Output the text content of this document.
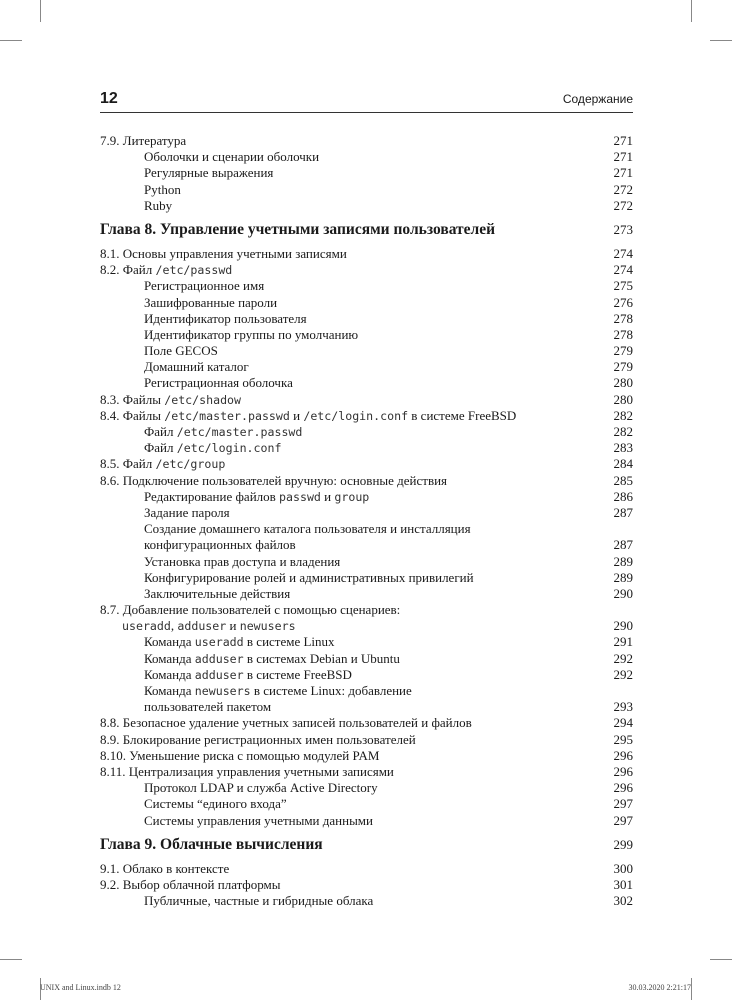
12	Содержание
7.9. Литература	271
Оболочки и сценарии оболочки	271
Регулярные выражения	271
Python	272
Ruby	272
Глава 8. Управление учетными записями пользователей	273
8.1. Основы управления учетными записями	274
8.2. Файл /etc/passwd	274
Регистрационное имя	275
Зашифрованные пароли	276
Идентификатор пользователя	278
Идентификатор группы по умолчанию	278
Поле GECOS	279
Домашний каталог	279
Регистрационная оболочка	280
8.3. Файлы /etc/shadow	280
8.4. Файлы /etc/master.passwd и /etc/login.conf в системе FreeBSD	282
Файл /etc/master.passwd	282
Файл /etc/login.conf	283
8.5. Файл /etc/group	284
8.6. Подключение пользователей вручную: основные действия	285
Редактирование файлов passwd и group	286
Задание пароля	287
Создание домашнего каталога пользователя и инсталляция
конфигурационных файлов	287
Установка прав доступа и владения	289
Конфигурирование ролей и административных привилегий	289
Заключительные действия	290
8.7. Добавление пользователей с помощью сценариев:
useradd, adduser и newusers	290
Команда useradd в системе Linux	291
Команда adduser в системах Debian и Ubuntu	292
Команда adduser в системе FreeBSD	292
Команда newusers в системе Linux: добавление
пользователей пакетом	293
8.8. Безопасное удаление учетных записей пользователей и файлов	294
8.9. Блокирование регистрационных имен пользователей	295
8.10. Уменьшение риска с помощью модулей PAM	296
8.11. Централизация управления учетными записями	296
Протокол LDAP и служба Active Directory	296
Системы “единого входа”	297
Системы управления учетными данными	297
Глава 9. Облачные вычисления	299
9.1. Облако в контексте	300
9.2. Выбор облачной платформы	301
Публичные, частные и гибридные облака	302
UNIX and Linux.indb 12	30.03.2020 2:21:17
